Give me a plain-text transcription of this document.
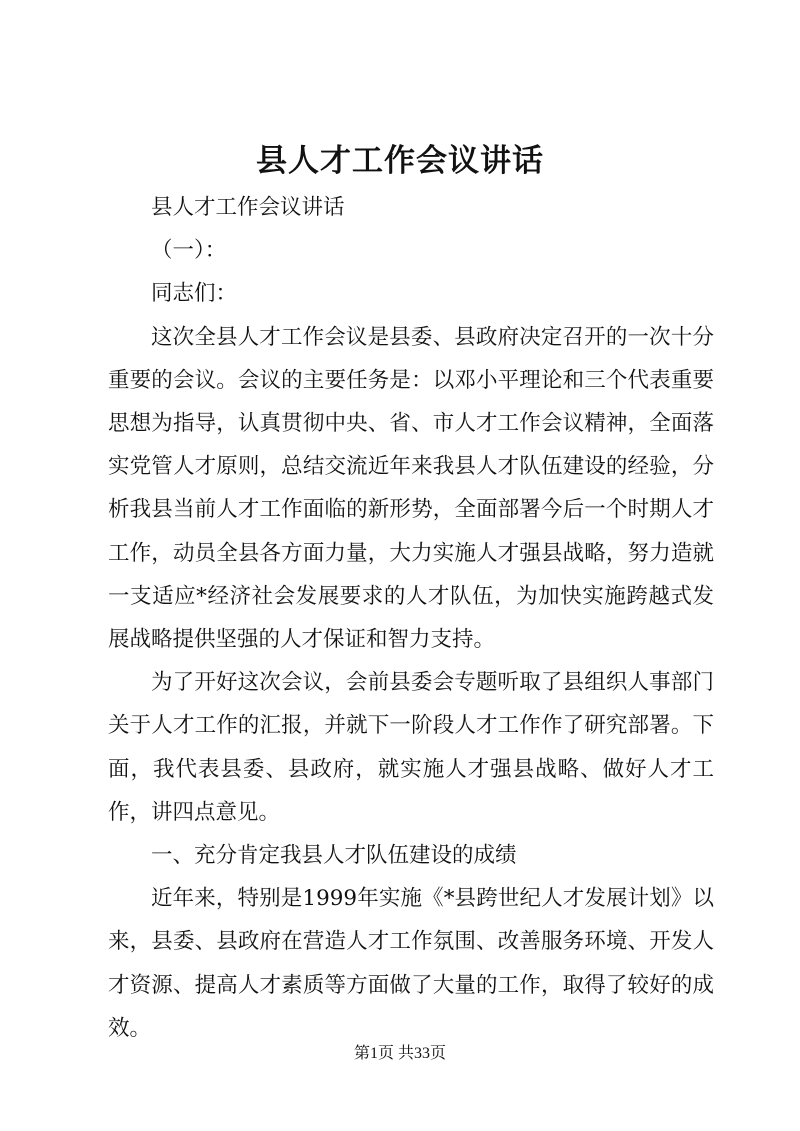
县人才工作会议讲话

县人才工作会议讲话

（一）：

同志们：

这次全县人才工作会议是县委、县政府决定召开的一次十分重要的会议。会议的主要任务是：以邓小平理论和三个代表重要思想为指导，认真贯彻中央、省、市人才工作会议精神，全面落实党管人才原则，总结交流近年来我县人才队伍建设的经验，分析我县当前人才工作面临的新形势，全面部署今后一个时期人才工作，动员全县各方面力量，大力实施人才强县战略，努力造就一支适应*经济社会发展要求的人才队伍，为加快实施跨越式发展战略提供坚强的人才保证和智力支持。

为了开好这次会议，会前县委会专题听取了县组织人事部门关于人才工作的汇报，并就下一阶段人才工作作了研究部署。下面，我代表县委、县政府，就实施人才强县战略、做好人才工作，讲四点意见。

一、充分肯定我县人才队伍建设的成绩

近年来，特别是1999年实施《*县跨世纪人才发展计划》以来，县委、县政府在营造人才工作氛围、改善服务环境、开发人才资源、提高人才素质等方面做了大量的工作，取得了较好的成效。

第1页 共33页
